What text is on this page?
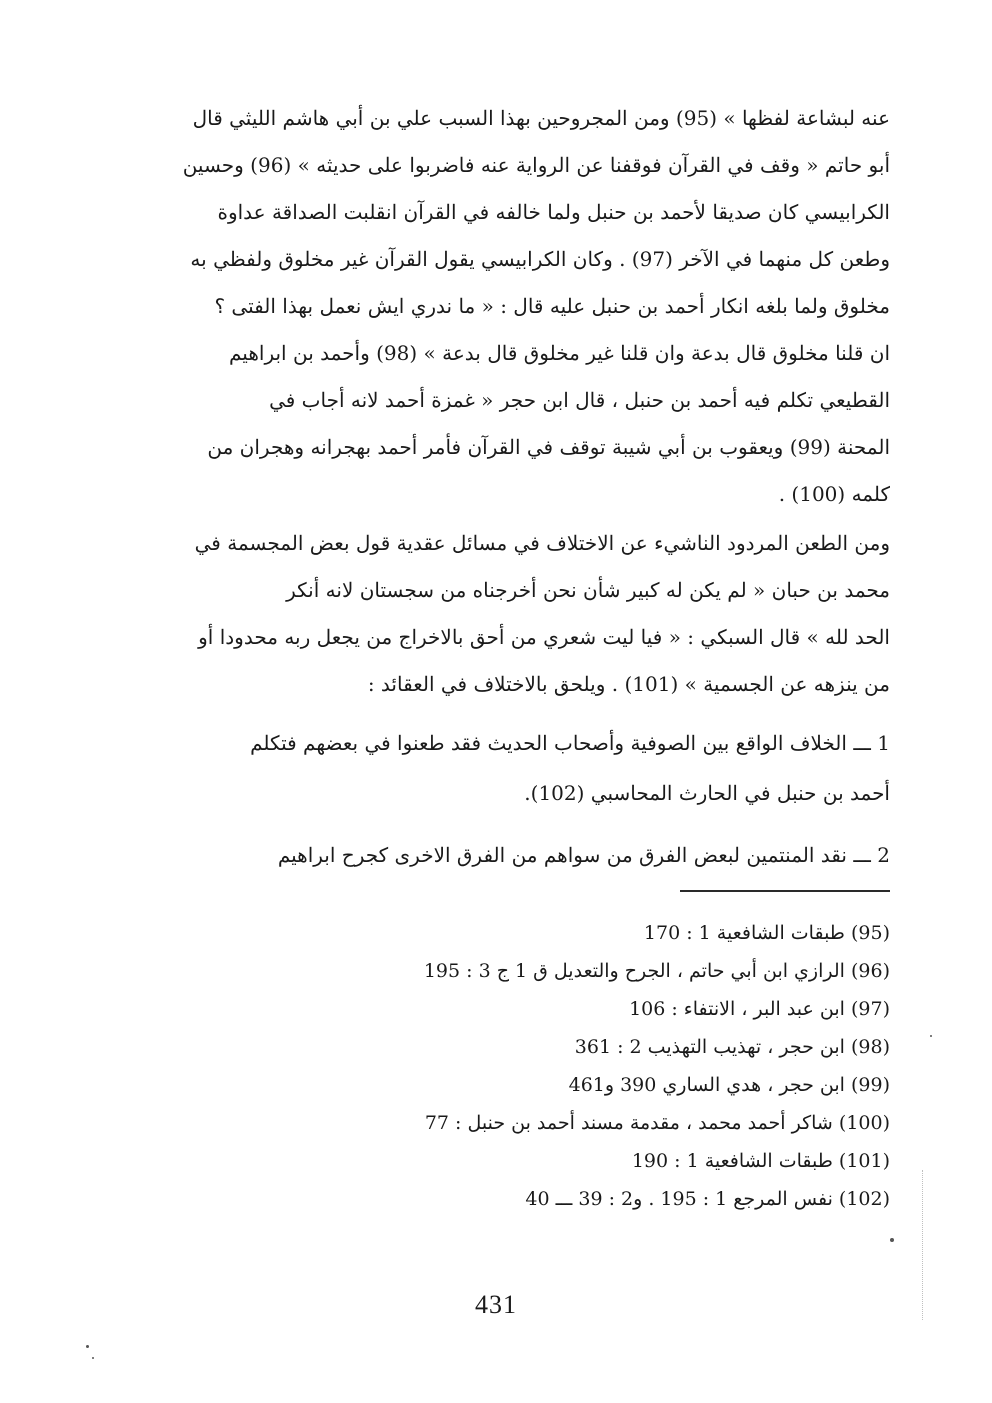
عنه لبشاعة لفظها » (95) ومن المجروحين بهذا السبب علي بن أبي هاشم الليثي قال
أبو حاتم « وقف في القرآن فوقفنا عن الرواية عنه فاضربوا على حديثه » (96) وحسين
الكرابيسي كان صديقا لأحمد بن حنبل ولما خالفه في القرآن انقلبت الصداقة عداوة
وطعن كل منهما في الآخر (97) . وكان الكرابيسي يقول القرآن غير مخلوق ولفظي به
مخلوق ولما بلغه انكار أحمد بن حنبل عليه قال : « ما ندري ايش نعمل بهذا الفتى ؟
ان قلنا مخلوق قال بدعة وان قلنا غير مخلوق قال بدعة » (98) وأحمد بن ابراهيم
القطيعي تكلم فيه أحمد بن حنبل ، قال ابن حجر « غمزة أحمد لانه أجاب في
المحنة (99) ويعقوب بن أبي شيبة توقف في القرآن فأمر أحمد بهجرانه وهجران من
كلمه (100) .

ومن الطعن المردود الناشيء عن الاختلاف في مسائل عقدية قول بعض المجسمة في
محمد بن حبان « لم يكن له كبير شأن نحن أخرجناه من سجستان لانه أنكر
الحد لله » قال السبكي : « فيا ليت شعري من أحق بالاخراج من يجعل ربه محدودا أو
من ينزهه عن الجسمية » (101) . ويلحق بالاختلاف في العقائد :

1 ـــ الخلاف الواقع بين الصوفية وأصحاب الحديث فقد طعنوا في بعضهم فتكلم
أحمد بن حنبل في الحارث المحاسبي (102).

2 ـــ نقد المنتمين لبعض الفرق من سواهم من الفرق الاخرى كجرح ابراهيم

(95) طبقات الشافعية 1 : 170
(96) الرازي ابن أبي حاتم ، الجرح والتعديل ق 1 ج 3 : 195
(97) ابن عبد البر ، الانتفاء : 106
(98) ابن حجر ، تهذيب التهذيب 2 : 361
(99) ابن حجر ، هدي الساري 390 و461
(100) شاكر أحمد محمد ، مقدمة مسند أحمد بن حنبل : 77
(101) طبقات الشافعية 1 : 190
(102) نفس المرجع 1 : 195 . و2 : 39 ـــ 40
431
